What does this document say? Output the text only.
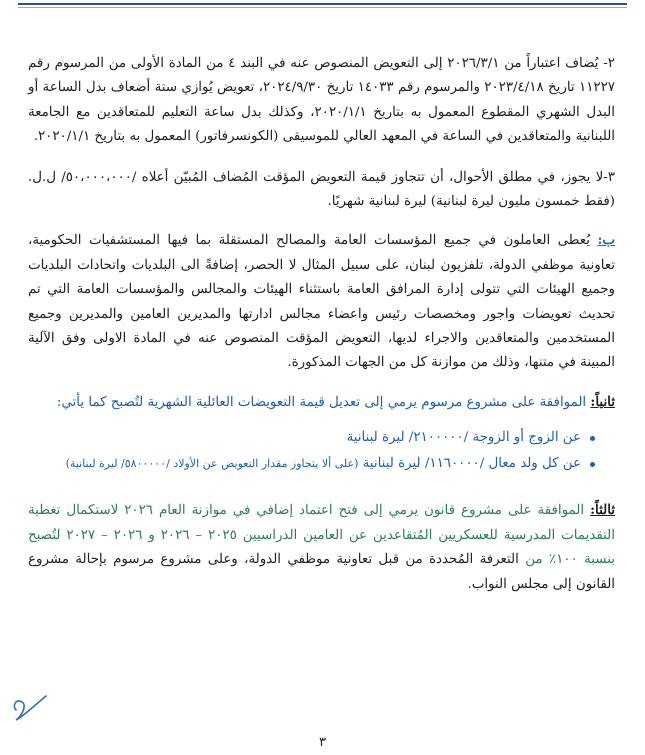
٢- يُضاف اعتباراً من ٢٠٢٦/٣/١ إلى التعويض المنصوص عنه في البند ٤ من المادة الأولى من المرسوم رقم ١١٢٢٧ تاريخ ٢٠٢٣/٤/١٨ والمرسوم رقم ١٤٠٣٣ تاريخ ٢٠٢٤/٩/٣٠، تعويض يُوازي ستة أضعاف بدل الساعة أو البدل الشهري المقطوع المعمول به بتاريخ ٢٠٢٠/١/١، وكذلك بدل ساعة التعليم للمتعاقدين مع الجامعة اللبنانية والمتعاقدين في الساعة في المعهد العالي للموسيقى (الكونسرفاتور) المعمول به بتاريخ ٢٠٢٠/١/١.

٣-لا يجوز، في مطلق الأحوال، أن تتجاوز قيمة التعويض المؤقت المُضاف المُبيّن أعلاه /٥٠،٠٠٠،٠٠٠/ ل.ل. (فقط خمسون مليون ليرة لبنانية) ليرة لبنانية شهريًا.

ب: يُعطى العاملون في جميع المؤسسات العامة والمصالح المستقلة بما فيها المستشفيات الحكومية، تعاونية موظفي الدولة، تلفزيون لبنان، على سبيل المثال لا الحصر، إضافةً الى البلديات واتحادات البلديات وجميع الهيئات التي تتولى إدارة المرافق العامة باستثناء الهيئات والمجالس والمؤسسات العامة التي تم تحديث تعويضات واجور ومخصصات رئيس واعضاء مجالس ادارتها والمديرين العامين والمديرين وجميع المستخدمين والمتعاقدين والاجراء لديها، التعويض المؤقت المنصوص عنه في المادة الاولى وفق الآلية المبينة في متنها، وذلك من موازنة كل من الجهات المذكورة.

ثانياً: الموافقة على مشروع مرسوم يرمي إلى تعديل قيمة التعويضات العائلية الشهرية لتُصبح كما يأتي:

عن الزوج أو الزوجة /٢١٠٠٠٠٠/ ليرة لبنانية
عن كل ولد معال /١١٦٠٠٠٠/ ليرة لبنانية (على ألا يتجاوز مقدار التعويض عن الأولاد /٥٨٠٠٠٠٠/ ليرة لبنانية)

ثالثاً: الموافقة على مشروع قانون يرمي إلى فتح اعتماد إضافي في موازنة العام ٢٠٢٦ لاستكمال تغطية التقديمات المدرسية للعسكريين المُتقاعدين عن العامين الدراسيين ٢٠٢٥ – ٢٠٢٦ و ٢٠٢٦ – ٢٠٢٧ لتُصبح بنسبة ١٠٠٪ من التعرفة المُحددة من قبل تعاونية موظفي الدولة، وعلى مشروع مرسوم بإحالة مشروع القانون إلى مجلس النواب.

٣
